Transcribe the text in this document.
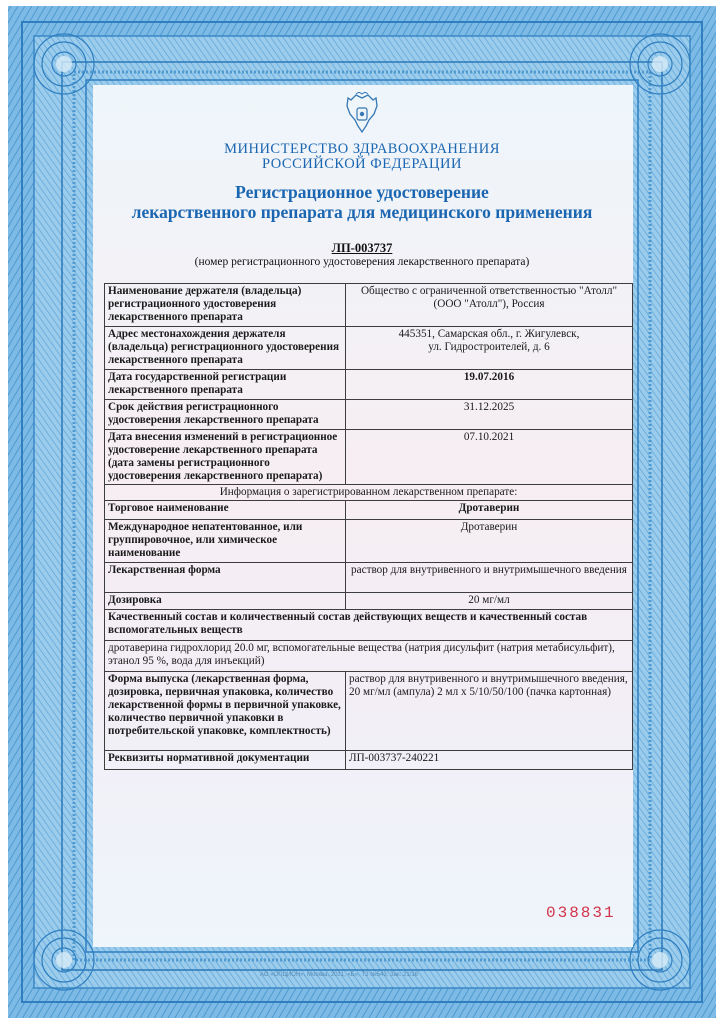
МИНИСТЕРСТВО ЗДРАВООХРАНЕНИЯ
РОССИЙСКОЙ ФЕДЕРАЦИИ
Регистрационное удостоверение
лекарственного препарата для медицинского применения
ЛП-003737
(номер регистрационного удостоверения лекарственного препарата)
Наименование держателя (владельца) регистрационного удостоверения лекарственного препарата	Общество с ограниченной ответственностью "Атолл" (ООО "Атолл"), Россия
Адрес местонахождения держателя (владельца) регистрационного удостоверения лекарственного препарата	445351, Самарская обл., г. Жигулевск,
ул. Гидростроителей, д. 6
Дата государственной регистрации лекарственного препарата	19.07.2016
Срок действия регистрационного удостоверения лекарственного препарата	31.12.2025
Дата внесения изменений в регистрационное удостоверение лекарственного препарата (дата замены регистрационного удостоверения лекарственного препарата)	07.10.2021
Информация о зарегистрированном лекарственном препарате:	
Торговое наименование	Дротаверин
Международное непатентованное, или группировочное, или химическое наименование	Дротаверин
Лекарственная форма	раствор для внутривенного и внутримышечного введения
Дозировка	20 мг/мл
Качественный состав и количественный состав действующих веществ и качественный состав вспомогательных веществ	
дротаверина гидрохлорид 20.0 мг, вспомогательные вещества (натрия дисульфит (натрия метабисульфит), этанол 95 %, вода для инъекций)	
Форма выпуска (лекарственная форма, дозировка, первичная упаковка, количество лекарственной формы в первичной упаковке, количество первичной упаковки в потребительской упаковке, комплектность)	раствор для внутривенного и внутримышечного введения, 20 мг/мл (ампула) 2 мл x 5/10/50/100 (пачка картонная)
Реквизиты нормативной документации	ЛП-003737-240221
038831
АО «ОПЦИОН», Москва, 2021, «Б», ТЗ №543, Зак. 21/16
